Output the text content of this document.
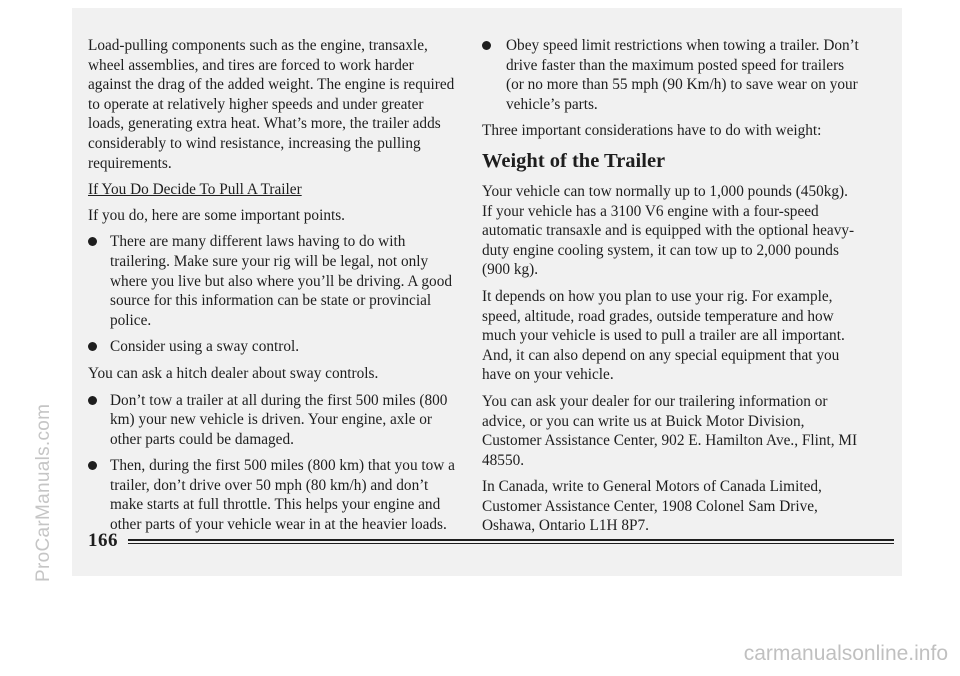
Load-pulling components such as the engine, transaxle, wheel assemblies, and tires are forced to work harder against the drag of the added weight. The engine is required to operate at relatively higher speeds and under greater loads, generating extra heat. What’s more, the trailer adds considerably to wind resistance, increasing the pulling requirements.

If You Do Decide To Pull A Trailer

If you do, here are some important points.

There are many different laws having to do with trailering. Make sure your rig will be legal, not only where you live but also where you’ll be driving. A good source for this information can be state or provincial police.
Consider using a sway control.

You can ask a hitch dealer about sway controls.

Don’t tow a trailer at all during the first 500 miles (800 km) your new vehicle is driven. Your engine, axle or other parts could be damaged.
Then, during the first 500 miles (800 km) that you tow a trailer, don’t drive over 50 mph (80 km/h) and don’t make starts at full throttle. This helps your engine and other parts of your vehicle wear in at the heavier loads.
Obey speed limit restrictions when towing a trailer. Don’t drive faster than the maximum posted speed for trailers (or no more than 55 mph (90 Km/h) to save wear on your vehicle’s parts.

Three important considerations have to do with weight:

Weight of the Trailer

Your vehicle can tow normally up to 1,000 pounds (450kg). If your vehicle has a 3100 V6 engine with a four-speed automatic transaxle and is equipped with the optional heavy-duty engine cooling system, it can tow up to 2,000 pounds (900 kg).

It depends on how you plan to use your rig. For example, speed, altitude, road grades, outside temperature and how much your vehicle is used to pull a trailer are all important. And, it can also depend on any special equipment that you have on your vehicle.

You can ask your dealer for our trailering information or advice, or you can write us at Buick Motor Division, Customer Assistance Center, 902 E. Hamilton Ave., Flint, MI 48550.

In Canada, write to General Motors of Canada Limited, Customer Assistance Center, 1908 Colonel Sam Drive, Oshawa, Ontario L1H 8P7.

166
ProCarManuals.com
carmanualsonline.info
